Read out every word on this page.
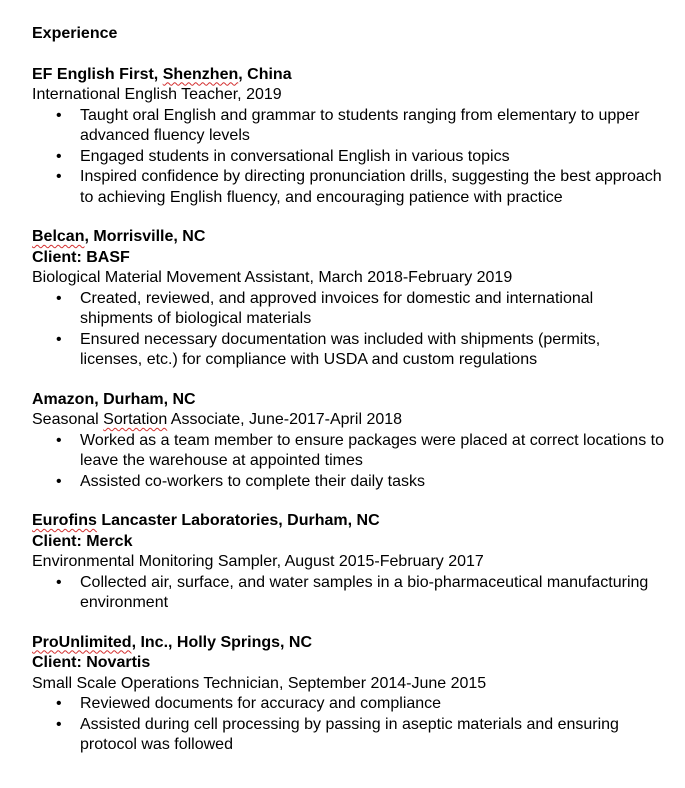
Experience
EF English First, Shenzhen, China
International English Teacher, 2019
• Taught oral English and grammar to students ranging from elementary to upper advanced fluency levels
• Engaged students in conversational English in various topics
• Inspired confidence by directing pronunciation drills, suggesting the best approach to achieving English fluency, and encouraging patience with practice
Belcan, Morrisville, NC
Client: BASF
Biological Material Movement Assistant, March 2018-February 2019
• Created, reviewed, and approved invoices for domestic and international shipments of biological materials
• Ensured necessary documentation was included with shipments (permits, licenses, etc.) for compliance with USDA and custom regulations
Amazon, Durham, NC
Seasonal Sortation Associate, June-2017-April 2018
• Worked as a team member to ensure packages were placed at correct locations to leave the warehouse at appointed times
• Assisted co-workers to complete their daily tasks
Eurofins Lancaster Laboratories, Durham, NC
Client: Merck
Environmental Monitoring Sampler, August 2015-February 2017
• Collected air, surface, and water samples in a bio-pharmaceutical manufacturing environment
ProUnlimited, Inc., Holly Springs, NC
Client: Novartis
Small Scale Operations Technician, September 2014-June 2015
• Reviewed documents for accuracy and compliance
• Assisted during cell processing by passing in aseptic materials and ensuring protocol was followed
